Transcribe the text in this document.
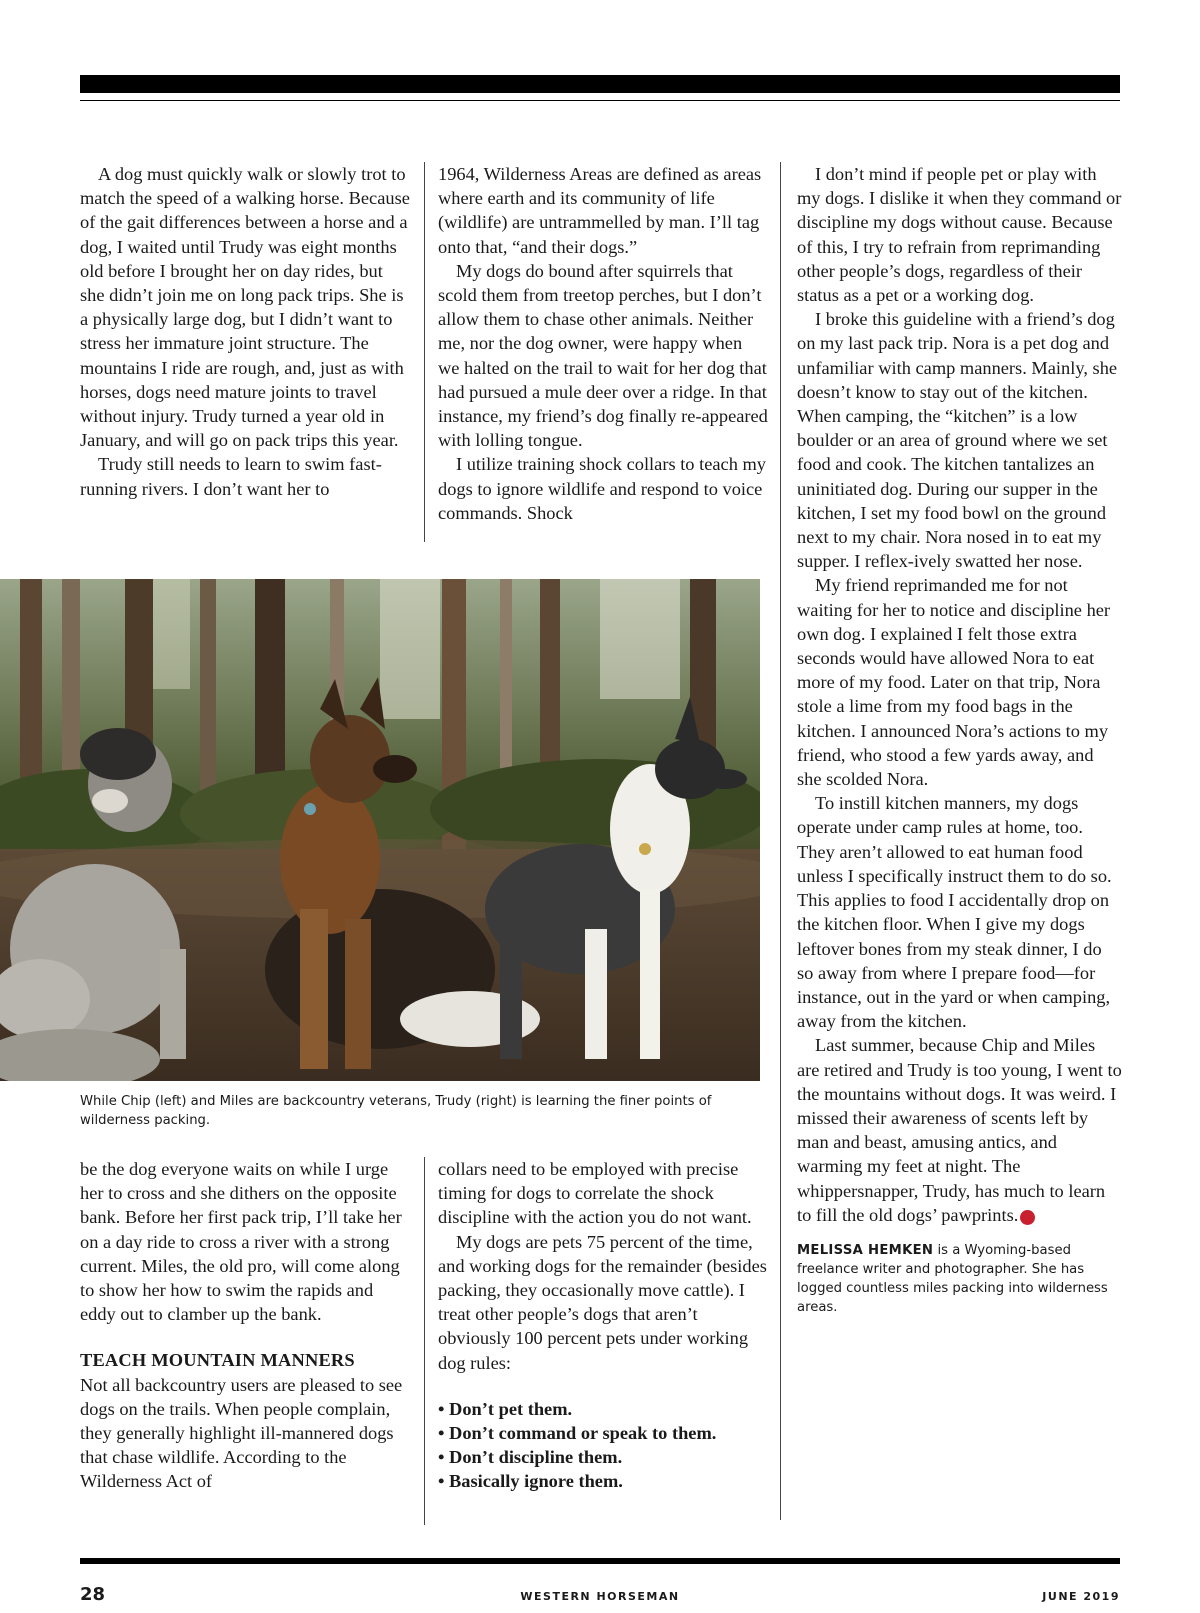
A dog must quickly walk or slowly trot to match the speed of a walking horse. Because of the gait differences between a horse and a dog, I waited until Trudy was eight months old before I brought her on day rides, but she didn’t join me on long pack trips. She is a physically large dog, but I didn’t want to stress her immature joint structure. The mountains I ride are rough, and, just as with horses, dogs need mature joints to travel without injury. Trudy turned a year old in January, and will go on pack trips this year.

Trudy still needs to learn to swim fast-running rivers. I don’t want her to

1964, Wilderness Areas are defined as areas where earth and its community of life (wildlife) are untrammelled by man. I’ll tag onto that, “and their dogs.”

My dogs do bound after squirrels that scold them from treetop perches, but I don’t allow them to chase other animals. Neither me, nor the dog owner, were happy when we halted on the trail to wait for her dog that had pursued a mule deer over a ridge. In that instance, my friend’s dog finally re-appeared with lolling tongue.

I utilize training shock collars to teach my dogs to ignore wildlife and respond to voice commands. Shock

While Chip (left) and Miles are backcountry veterans, Trudy (right) is learning the finer points of wilderness packing.

be the dog everyone waits on while I urge her to cross and she dithers on the opposite bank. Before her first pack trip, I’ll take her on a day ride to cross a river with a strong current. Miles, the old pro, will come along to show her how to swim the rapids and eddy out to clamber up the bank.

TEACH MOUNTAIN MANNERS

Not all backcountry users are pleased to see dogs on the trails. When people complain, they generally highlight ill-mannered dogs that chase wildlife. According to the Wilderness Act of

collars need to be employed with precise timing for dogs to correlate the shock discipline with the action you do not want.

My dogs are pets 75 percent of the time, and working dogs for the remainder (besides packing, they occasionally move cattle). I treat other people’s dogs that aren’t obviously 100 percent pets under working dog rules:

• Don’t pet them.
• Don’t command or speak to them.
• Don’t discipline them.
• Basically ignore them.

I don’t mind if people pet or play with my dogs. I dislike it when they command or discipline my dogs without cause. Because of this, I try to refrain from reprimanding other people’s dogs, regardless of their status as a pet or a working dog.

I broke this guideline with a friend’s dog on my last pack trip. Nora is a pet dog and unfamiliar with camp manners. Mainly, she doesn’t know to stay out of the kitchen. When camping, the “kitchen” is a low boulder or an area of ground where we set food and cook. The kitchen tantalizes an uninitiated dog. During our supper in the kitchen, I set my food bowl on the ground next to my chair. Nora nosed in to eat my supper. I reflex-ively swatted her nose.

My friend reprimanded me for not waiting for her to notice and discipline her own dog. I explained I felt those extra seconds would have allowed Nora to eat more of my food. Later on that trip, Nora stole a lime from my food bags in the kitchen. I announced Nora’s actions to my friend, who stood a few yards away, and she scolded Nora.

To instill kitchen manners, my dogs operate under camp rules at home, too. They aren’t allowed to eat human food unless I specifically instruct them to do so. This applies to food I accidentally drop on the kitchen floor. When I give my dogs leftover bones from my steak dinner, I do so away from where I prepare food—for instance, out in the yard or when camping, away from the kitchen.

Last summer, because Chip and Miles are retired and Trudy is too young, I went to the mountains without dogs. It was weird. I missed their awareness of scents left by man and beast, amusing antics, and warming my feet at night. The whippersnapper, Trudy, has much to learn to fill the old dogs’ pawprints.	WH

MELISSA HEMKEN is a Wyoming-based freelance writer and photographer. She has logged countless miles packing into wilderness areas.
28	WESTERN HORSEMAN	JUNE 2019
